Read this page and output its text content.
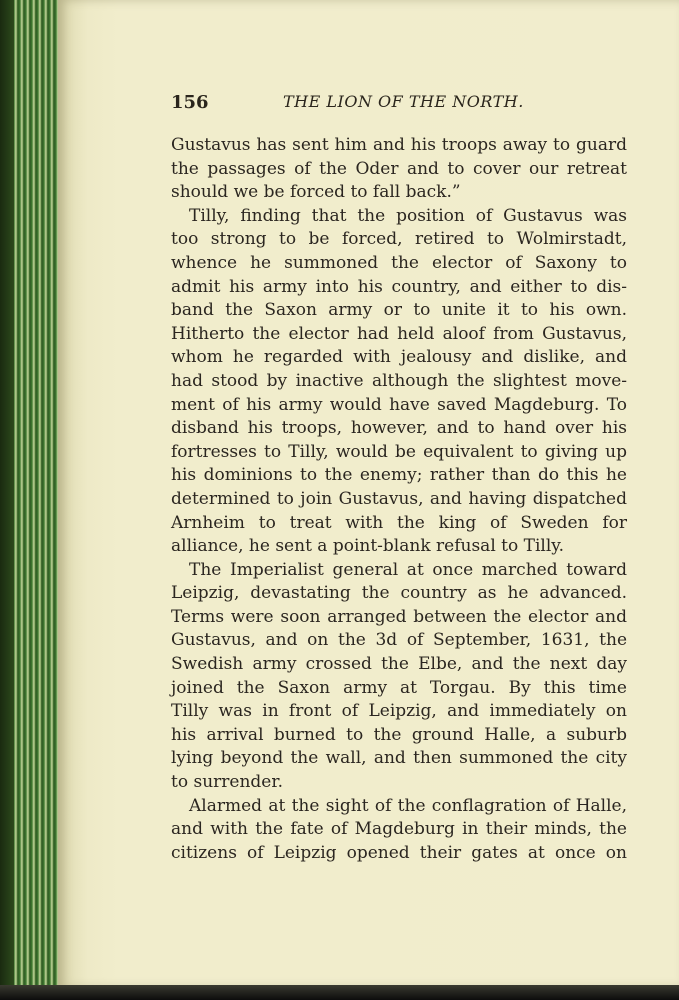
156	THE LION OF THE NORTH.
Gustavus has sent him and his troops away to guard
the passages of the Oder and to cover our retreat
should we be forced to fall back.”
Tilly, finding that the position of Gustavus was
too strong to be forced, retired to Wolmirstadt,
whence he summoned the elector of Saxony to
admit his army into his country, and either to dis-
band the Saxon army or to unite it to his own.
Hitherto the elector had held aloof from Gustavus,
whom he regarded with jealousy and dislike, and
had stood by inactive although the slightest move-
ment of his army would have saved Magdeburg. To
disband his troops, however, and to hand over his
fortresses to Tilly, would be equivalent to giving up
his dominions to the enemy; rather than do this he
determined to join Gustavus, and having dispatched
Arnheim to treat with the king of Sweden for
alliance, he sent a point-blank refusal to Tilly.
The Imperialist general at once marched toward
Leipzig, devastating the country as he advanced.
Terms were soon arranged between the elector and
Gustavus, and on the 3d of September, 1631, the
Swedish army crossed the Elbe, and the next day
joined the Saxon army at Torgau. By this time
Tilly was in front of Leipzig, and immediately on
his arrival burned to the ground Halle, a suburb
lying beyond the wall, and then summoned the city
to surrender.
Alarmed at the sight of the conflagration of Halle,
and with the fate of Magdeburg in their minds, the
citizens of Leipzig opened their gates at once on
